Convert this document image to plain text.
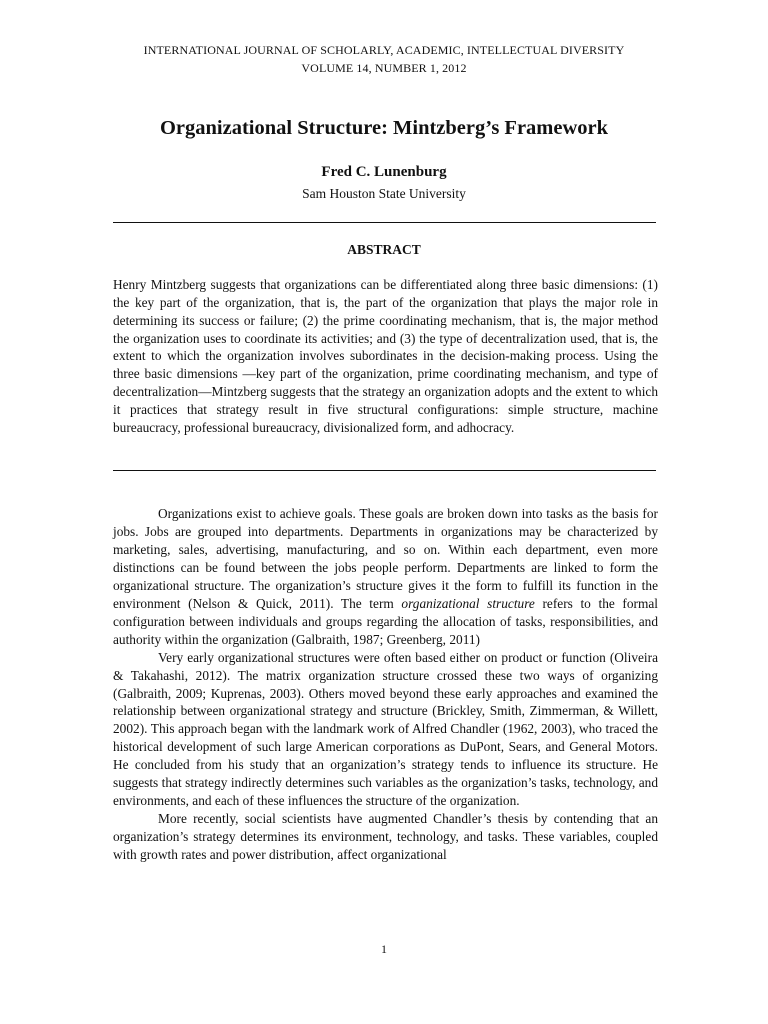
INTERNATIONAL JOURNAL OF SCHOLARLY, ACADEMIC, INTELLECTUAL DIVERSITY
VOLUME 14, NUMBER 1, 2012
Organizational Structure: Mintzberg’s Framework
Fred C. Lunenburg
Sam Houston State University
ABSTRACT
Henry Mintzberg suggests that organizations can be differentiated along three basic dimensions: (1) the key part of the organization, that is, the part of the organization that plays the major role in determining its success or failure; (2) the prime coordinating mechanism, that is, the major method the organization uses to coordinate its activities; and (3) the type of decentralization used, that is, the extent to which the organization involves subordinates in the decision-making process. Using the three basic dimensions —key part of the organization, prime coordinating mechanism, and type of decentralization—Mintzberg suggests that the strategy an organization adopts and the extent to which it practices that strategy result in five structural configurations: simple structure, machine bureaucracy, professional bureaucracy, divisionalized form, and adhocracy.

Organizations exist to achieve goals. These goals are broken down into tasks as the basis for jobs. Jobs are grouped into departments. Departments in organizations may be characterized by marketing, sales, advertising, manufacturing, and so on. Within each department, even more distinctions can be found between the jobs people perform. Departments are linked to form the organizational structure. The organization’s structure gives it the form to fulfill its function in the environment (Nelson & Quick, 2011). The term organizational structure refers to the formal configuration between individuals and groups regarding the allocation of tasks, responsibilities, and authority within the organization (Galbraith, 1987; Greenberg, 2011)

Very early organizational structures were often based either on product or function (Oliveira & Takahashi, 2012). The matrix organization structure crossed these two ways of organizing (Galbraith, 2009; Kuprenas, 2003). Others moved beyond these early approaches and examined the relationship between organizational strategy and structure (Brickley, Smith, Zimmerman, & Willett, 2002). This approach began with the landmark work of Alfred Chandler (1962, 2003), who traced the historical development of such large American corporations as DuPont, Sears, and General Motors. He concluded from his study that an organization’s strategy tends to influence its structure. He suggests that strategy indirectly determines such variables as the organization’s tasks, technology, and environments, and each of these influences the structure of the organization.

More recently, social scientists have augmented Chandler’s thesis by contending that an organization’s strategy determines its environment, technology, and tasks. These variables, coupled with growth rates and power distribution, affect organizational

1
